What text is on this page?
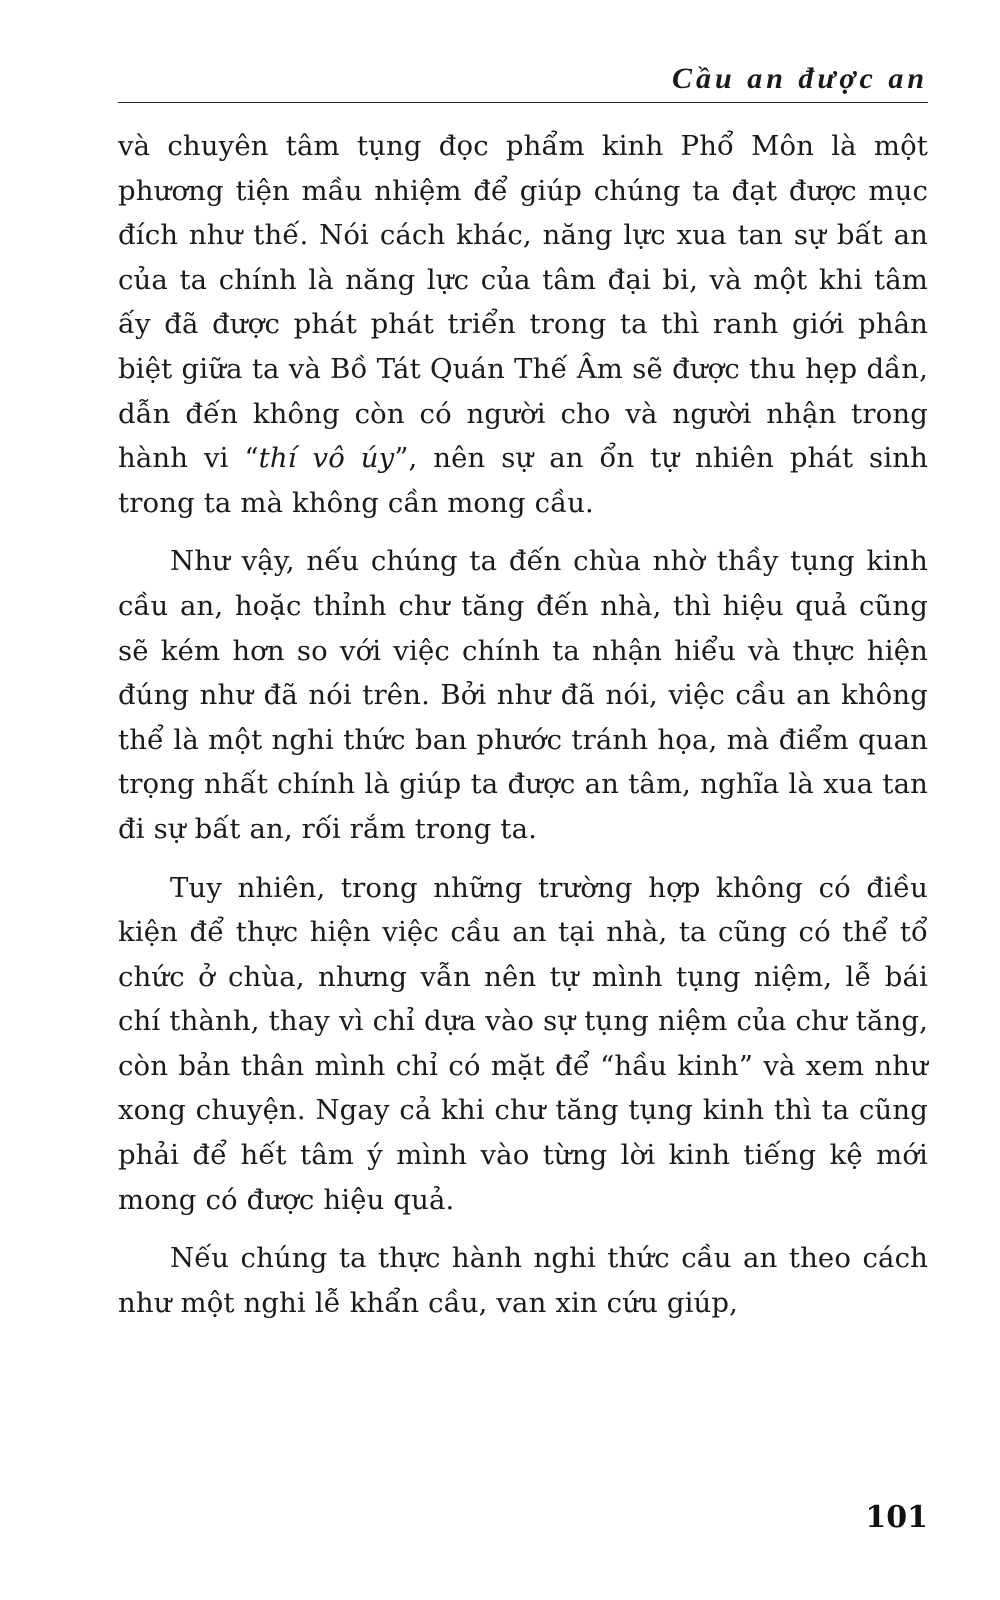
Cầu an được an

và chuyên tâm tụng đọc phẩm kinh Phổ Môn là một phương tiện mầu nhiệm để giúp chúng ta đạt được mục đích như thế. Nói cách khác, năng lực xua tan sự bất an của ta chính là năng lực của tâm đại bi, và một khi tâm ấy đã được phát phát triển trong ta thì ranh giới phân biệt giữa ta và Bồ Tát Quán Thế Âm sẽ được thu hẹp dần, dẫn đến không còn có người cho và người nhận trong hành vi “thí vô úy”, nên sự an ổn tự nhiên phát sinh trong ta mà không cần mong cầu.

Như vậy, nếu chúng ta đến chùa nhờ thầy tụng kinh cầu an, hoặc thỉnh chư tăng đến nhà, thì hiệu quả cũng sẽ kém hơn so với việc chính ta nhận hiểu và thực hiện đúng như đã nói trên. Bởi như đã nói, việc cầu an không thể là một nghi thức ban phước tránh họa, mà điểm quan trọng nhất chính là giúp ta được an tâm, nghĩa là xua tan đi sự bất an, rối rắm trong ta.

Tuy nhiên, trong những trường hợp không có điều kiện để thực hiện việc cầu an tại nhà, ta cũng có thể tổ chức ở chùa, nhưng vẫn nên tự mình tụng niệm, lễ bái chí thành, thay vì chỉ dựa vào sự tụng niệm của chư tăng, còn bản thân mình chỉ có mặt để “hầu kinh” và xem như xong chuyện. Ngay cả khi chư tăng tụng kinh thì ta cũng phải để hết tâm ý mình vào từng lời kinh tiếng kệ mới mong có được hiệu quả.

Nếu chúng ta thực hành nghi thức cầu an theo cách như một nghi lễ khẩn cầu, van xin cứu giúp,

101
